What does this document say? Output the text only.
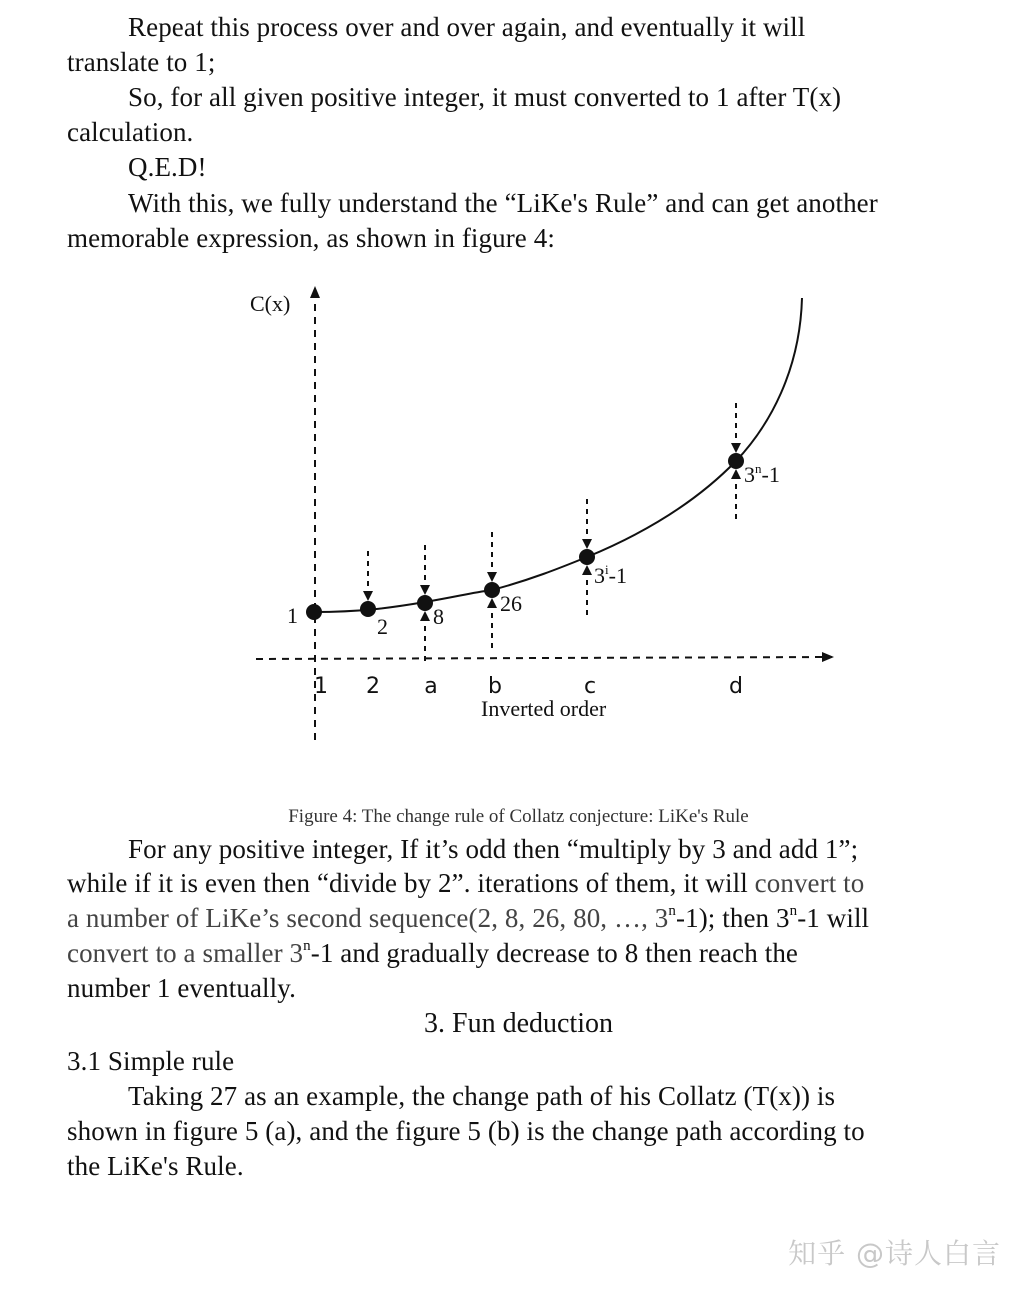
Repeat this process over and over again, and eventually it will
translate to 1;
So, for all given positive integer, it must converted to 1 after T(x)
calculation.
Q.E.D!
With this, we fully understand the “LiKe's Rule” and can get another
memorable expression, as shown in figure 4:
C(x)
Inverted order
1	2 8
26
3$^i$-1
3$^n$-1
1 2 a b	c	d
Figure 4: The change rule of Collatz conjecture: LiKe's Rule
For any positive integer, If it’s odd then “multiply by 3 and add 1”;
while if it is even then “divide by 2”. iterations of them, it will convert to
a number of LiKe’s second sequence(2, 8, 26, 80, …, 3$^n$-1); then 3$^n$-1 will
convert to a smaller 3$^n$-1 and gradually decrease to 8 then reach the
number 1 eventually.
3. Fun deduction
3.1 Simple rule
Taking 27 as an example, the change path of his Collatz (T(x)) is
shown in figure 5 (a), and the figure 5 (b) is the change path according to
the LiKe's Rule.
知乎 @诗人白言
